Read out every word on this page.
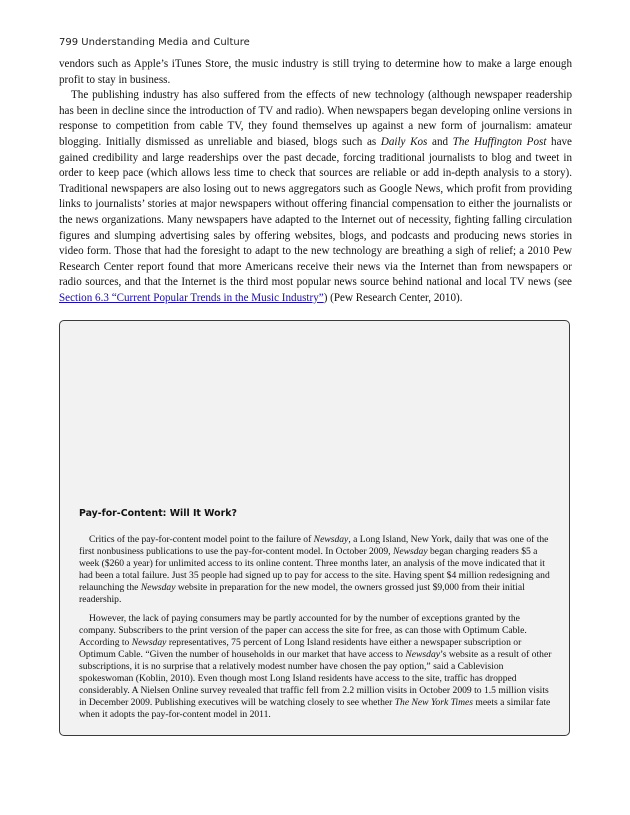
799 Understanding Media and Culture

vendors such as Apple’s iTunes Store, the music industry is still trying to determine how to make a large enough profit to stay in business.

The publishing industry has also suffered from the effects of new technology (although newspaper readership has been in decline since the introduction of TV and radio). When newspapers began developing online versions in response to competition from cable TV, they found themselves up against a new form of journalism: amateur blogging. Initially dismissed as unreliable and biased, blogs such as Daily Kos and The Huffington Post have gained credibility and large readerships over the past decade, forcing traditional journalists to blog and tweet in order to keep pace (which allows less time to check that sources are reliable or add in-depth analysis to a story). Traditional newspapers are also losing out to news aggregators such as Google News, which profit from providing links to journalists’ stories at major newspapers without offering financial compensation to either the journalists or the news organizations. Many newspapers have adapted to the Internet out of necessity, fighting falling circulation figures and slumping advertising sales by offering websites, blogs, and podcasts and producing news stories in video form. Those that had the foresight to adapt to the new technology are breathing a sigh of relief; a 2010 Pew Research Center report found that more Americans receive their news via the Internet than from newspapers or radio sources, and that the Internet is the third most popular news source behind national and local TV news (see Section 6.3 “Current Popular Trends in the Music Industry”) (Pew Research Center, 2010).

Pay-for-Content: Will It Work?

Critics of the pay-for-content model point to the failure of Newsday, a Long Island, New York, daily that was one of the first nonbusiness publications to use the pay-for-content model. In October 2009, Newsday began charging readers $5 a week ($260 a year) for unlimited access to its online content. Three months later, an analysis of the move indicated that it had been a total failure. Just 35 people had signed up to pay for access to the site. Having spent $4 million redesigning and relaunching the Newsday website in preparation for the new model, the owners grossed just $9,000 from their initial readership.

However, the lack of paying consumers may be partly accounted for by the number of exceptions granted by the company. Subscribers to the print version of the paper can access the site for free, as can those with Optimum Cable. According to Newsday representatives, 75 percent of Long Island residents have either a newspaper subscription or Optimum Cable. “Given the number of households in our market that have access to Newsday’s website as a result of other subscriptions, it is no surprise that a relatively modest number have chosen the pay option,” said a Cablevision spokeswoman (Koblin, 2010). Even though most Long Island residents have access to the site, traffic has dropped considerably. A Nielsen Online survey revealed that traffic fell from 2.2 million visits in October 2009 to 1.5 million visits in December 2009. Publishing executives will be watching closely to see whether The New York Times meets a similar fate when it adopts the pay-for-content model in 2011.
